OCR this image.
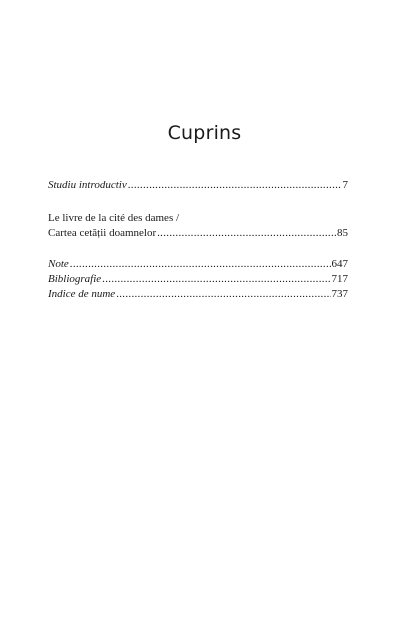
Cuprins
Studiu introductiv .....	7
Le livre de la cité des dames /
Cartea cetății doamnelor .....	85
Note .....	647
Bibliografie .....	717
Indice de nume .....	737
